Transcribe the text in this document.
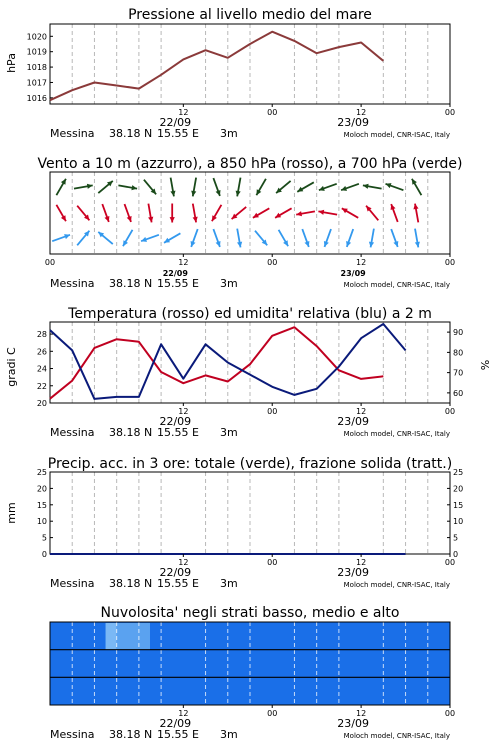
Pressione al livello medio del mare
hPa
1016
1017
1018
1019
1020
12	00	12	00
22/09	23/09
Messina 38.18 N 15.55 E 3m	Moloch model, CNR-ISAC, Italy
Vento a 10 m (azzurro), a 850 hPa (rosso), a 700 hPa (verde)
12	00	12	00
00
22/09	23/09
Messina 38.18 N 15.55 E 3m	Moloch model, CNR-ISAC, Italy
Temperatura (rosso) ed umidita' relativa (blu) a 2 m
gradi C	%
20
22
24
26
28
60
70
80
90
12	00	12	00
22/09	23/09
Messina 38.18 N 15.55 E 3m	Moloch model, CNR-ISAC, Italy
Precip. acc. in 3 ore: totale (verde), frazione solida (tratt.)
mm
0
5
10
15
20
25
0
5
10
15
20
25
12	00	12	00
22/09	23/09
Messina 38.18 N 15.55 E 3m	Moloch model, CNR-ISAC, Italy
Nuvolosita' negli strati basso, medio e alto
12	00	12	00
22/09	23/09
Messina 38.18 N 15.55 E 3m	Moloch model, CNR-ISAC, Italy
